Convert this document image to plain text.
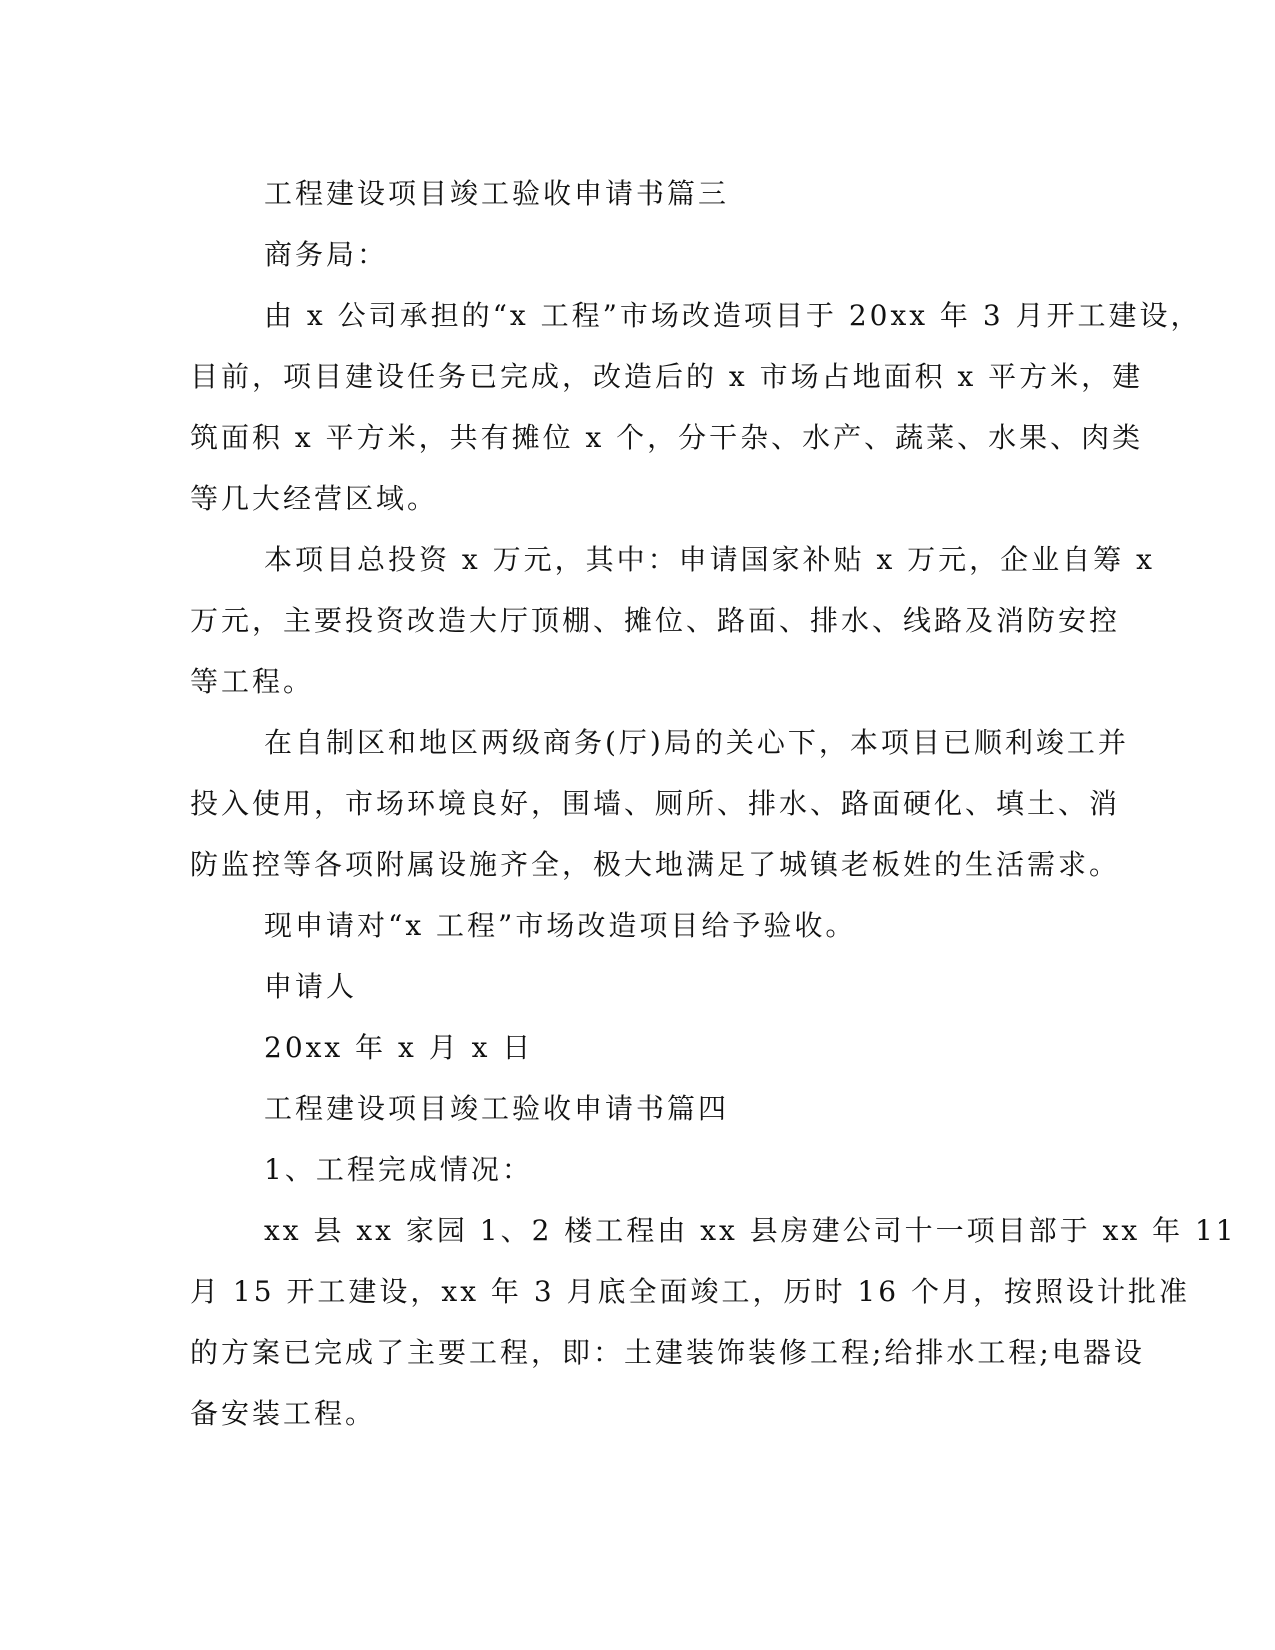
工程建设项目竣工验收申请书篇三
商务局：
由 x 公司承担的“x 工程”市场改造项目于 20xx 年 3 月开工建设，
目前，项目建设任务已完成，改造后的 x 市场占地面积 x 平方米，建
筑面积 x 平方米，共有摊位 x 个，分干杂、水产、蔬菜、水果、肉类
等几大经营区域。
本项目总投资 x 万元，其中：申请国家补贴 x 万元，企业自筹 x
万元，主要投资改造大厅顶棚、摊位、路面、排水、线路及消防安控
等工程。
在自制区和地区两级商务(厅)局的关心下，本项目已顺利竣工并
投入使用，市场环境良好，围墙、厕所、排水、路面硬化、填土、消
防监控等各项附属设施齐全，极大地满足了城镇老板姓的生活需求。
现申请对“x 工程”市场改造项目给予验收。
申请人
20xx 年 x 月 x 日
工程建设项目竣工验收申请书篇四
1、工程完成情况：
xx 县 xx 家园 1、2 楼工程由 xx 县房建公司十一项目部于 xx 年 11
月 15 开工建设，xx 年 3 月底全面竣工，历时 16 个月，按照设计批准
的方案已完成了主要工程，即：土建装饰装修工程;给排水工程;电器设
备安装工程。
